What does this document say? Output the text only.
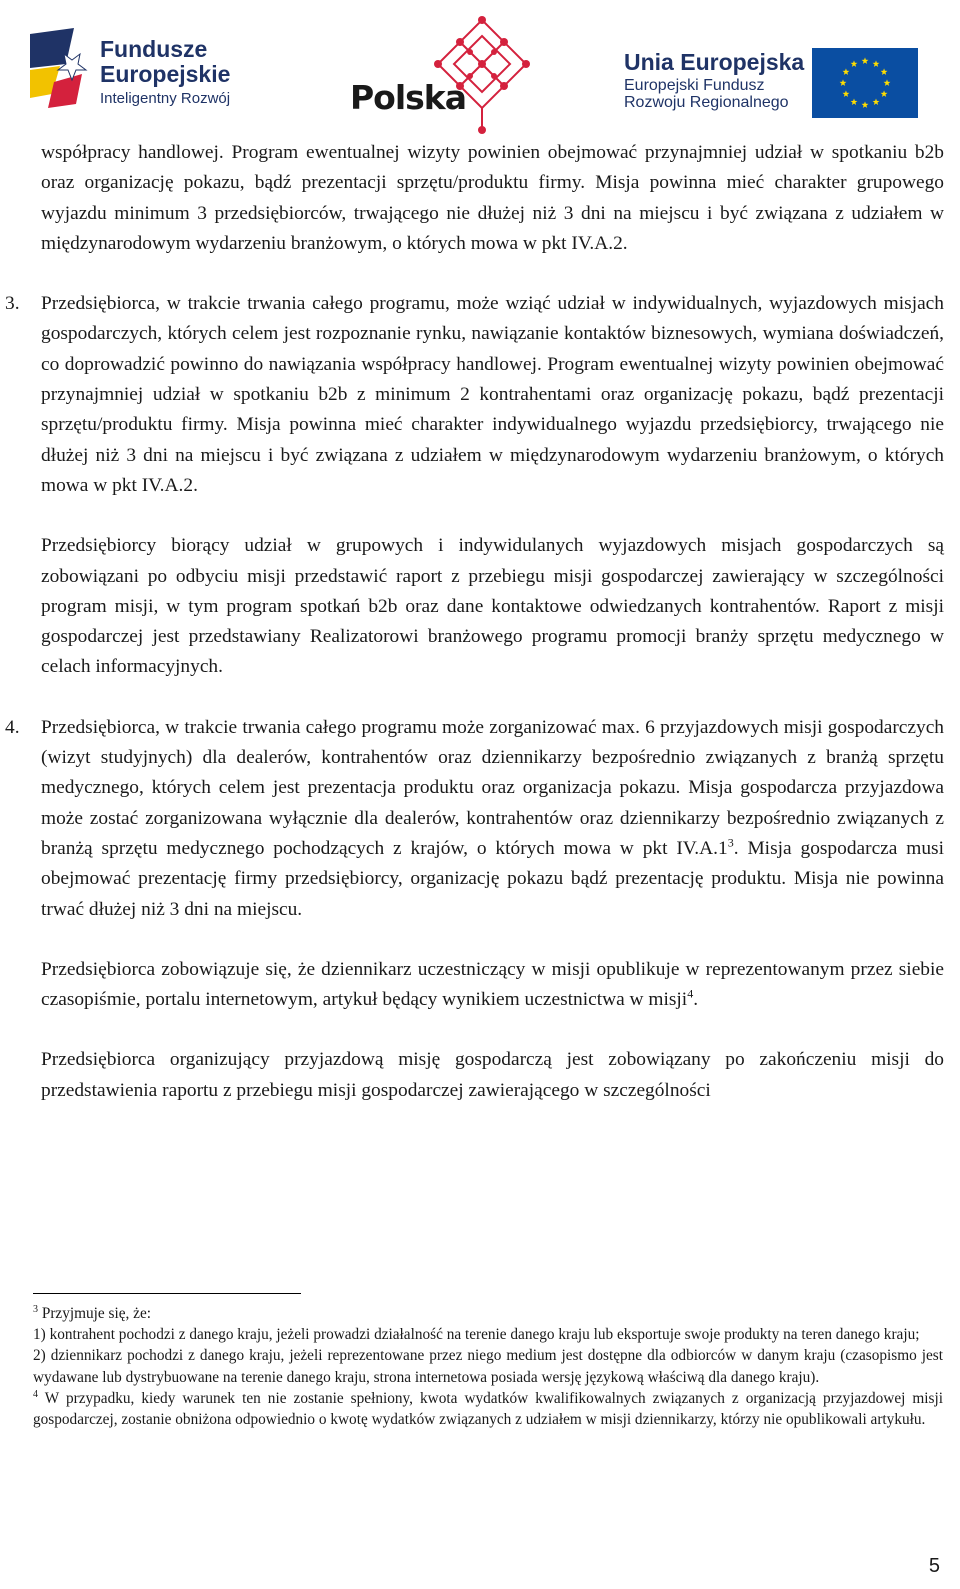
Fundusze
Europejskie
Inteligentny Rozwój	Polska
Unia Europejska
Europejski Fundusz
Rozwoju Regionalnego

współpracy handlowej. Program ewentualnej wizyty powinien obejmować przynajmniej udział w spotkaniu b2b oraz organizację pokazu, bądź prezentacji sprzętu/produktu firmy. Misja powinna mieć charakter grupowego wyjazdu minimum 3 przedsiębiorców, trwającego nie dłużej niż 3 dni na miejscu i być związana z udziałem w międzynarodowym wydarzeniu branżowym, o których mowa w pkt IV.A.2.

3.	Przedsiębiorca, w trakcie trwania całego programu, może wziąć udział w indywidualnych, wyjazdowych misjach gospodarczych, których celem jest rozpoznanie rynku, nawiązanie kontaktów biznesowych, wymiana doświadczeń, co doprowadzić powinno do nawiązania współpracy handlowej. Program ewentualnej wizyty powinien obejmować przynajmniej udział w spotkaniu b2b z minimum 2 kontrahentami oraz organizację pokazu, bądź prezentacji sprzętu/produktu firmy. Misja powinna mieć charakter indywidualnego wyjazdu przedsiębiorcy, trwającego nie dłużej niż 3 dni na miejscu i być związana z udziałem w międzynarodowym wydarzeniu branżowym, o których mowa w pkt IV.A.2.

Przedsiębiorcy biorący udział w grupowych i indywidulanych wyjazdowych misjach gospodarczych są zobowiązani po odbyciu misji przedstawić raport z przebiegu misji gospodarczej zawierający w szczególności program misji, w tym program spotkań b2b oraz dane kontaktowe odwiedzanych kontrahentów. Raport z misji gospodarczej jest przedstawiany Realizatorowi branżowego programu promocji branży sprzętu medycznego w celach informacyjnych.

4.	Przedsiębiorca, w trakcie trwania całego programu może zorganizować max. 6 przyjazdowych misji gospodarczych (wizyt studyjnych) dla dealerów, kontrahentów oraz dziennikarzy bezpośrednio związanych z branżą sprzętu medycznego, których celem jest prezentacja produktu oraz organizacja pokazu. Misja gospodarcza przyjazdowa może zostać zorganizowana wyłącznie dla dealerów, kontrahentów oraz dziennikarzy bezpośrednio związanych z branżą sprzętu medycznego pochodzących z krajów, o których mowa w pkt $IV.A.1^3$. Misja gospodarcza musi obejmować prezentację firmy przedsiębiorcy, organizację pokazu bądź prezentację produktu. Misja nie powinna trwać dłużej niż 3 dni na miejscu.

Przedsiębiorca zobowiązuje się, że dziennikarz uczestniczący w misji opublikuje w reprezentowanym przez siebie czasopiśmie, portalu internetowym, artykuł będący wynikiem uczestnictwa w misji$^4$.

Przedsiębiorca organizujący przyjazdową misję gospodarczą jest zobowiązany po zakończeniu misji do przedstawienia raportu z przebiegu misji gospodarczej zawierającego w szczególności

$^3$ Przyjmuje się, że:

1) kontrahent pochodzi z danego kraju, jeżeli prowadzi działalność na terenie danego kraju lub eksportuje swoje produkty na teren danego kraju;

2) dziennikarz pochodzi z danego kraju, jeżeli reprezentowane przez niego medium jest dostępne dla odbiorców w danym kraju (czasopismo jest wydawane lub dystrybuowane na terenie danego kraju, strona internetowa posiada wersję językową właściwą dla danego kraju).

$^4$ W przypadku, kiedy warunek ten nie zostanie spełniony, kwota wydatków kwalifikowalnych związanych z organizacją przyjazdowej misji gospodarczej, zostanie obniżona odpowiednio o kwotę wydatków związanych z udziałem w misji dziennikarzy, którzy nie opublikowali artykułu.

5
